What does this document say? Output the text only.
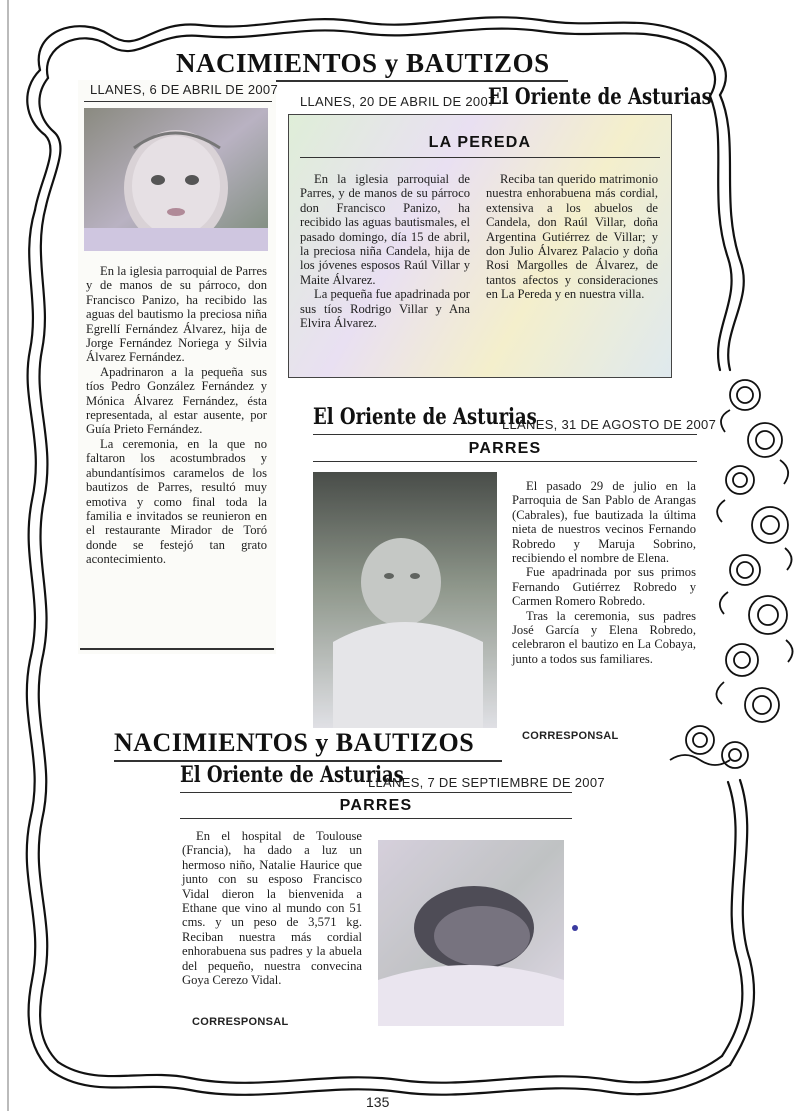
NACIMIENTOS y BAUTIZOS
LLANES, 6 DE ABRIL DE 2007

En la iglesia parroquial de Parres y de manos de su párroco, don Francisco Panizo, ha recibido las aguas del bautismo la preciosa niña Egrellí Fernández Álvarez, hija de Jorge Fernández Noriega y Silvia Álvarez Fernández.

Apadrinaron a la pequeña sus tíos Pedro González Fernández y Mónica Álvarez Fernández, ésta representada, al estar ausente, por Guía Prieto Fernández.

La ceremonia, en la que no faltaron los acostumbrados y abundantísimos caramelos de los bautizos de Parres, resultó muy emotiva y como final toda la familia e invitados se reunieron en el restaurante Mirador de Toró donde se festejó tan grato acontecimiento.

LLANES, 20 DE ABRIL DE 2007
El Oriente de Asturias
LA PEREDA

En la iglesia parroquial de Parres, y de manos de su párroco don Francisco Panizo, ha recibido las aguas bautismales, el pasado domingo, día 15 de abril, la preciosa niña Candela, hija de los jóvenes esposos Raúl Villar y Maite Álvarez.

La pequeña fue apadrinada por sus tíos Rodrigo Villar y Ana Elvira Álvarez.

Reciba tan querido matrimonio nuestra enhorabuena más cordial, extensiva a los abuelos de Candela, don Raúl Villar, doña Argentina Gutiérrez de Villar; y don Julio Álvarez Palacio y doña Rosi Margolles de Álvarez, de tantos afectos y consideraciones en La Pereda y en nuestra villa.

El Oriente de Asturias
LLANES, 31 DE AGOSTO DE 2007
PARRES

El pasado 29 de julio en la Parroquia de San Pablo de Arangas (Cabrales), fue bautizada la última nieta de nuestros vecinos Fernando Robredo y Maruja Sobrino, recibiendo el nombre de Elena.

Fue apadrinada por sus primos Fernando Gutiérrez Robredo y Carmen Romero Robredo.

Tras la ceremonia, sus padres José García y Elena Robredo, celebraron el bautizo en La Cobaya, junto a todos sus familiares.

CORRESPONSAL
NACIMIENTOS y BAUTIZOS
El Oriente de Asturias
LLANES, 7 DE SEPTIEMBRE DE 2007
PARRES

En el hospital de Toulouse (Francia), ha dado a luz un hermoso niño, Natalie Haurice que junto con su esposo Francisco Vidal dieron la bienvenida a Ethane que vino al mundo con 51 cms. y un peso de 3,571 kg. Reciban nuestra más cordial enhorabuena sus padres y la abuela del pequeño, nuestra convecina Goya Cerezo Vidal.

CORRESPONSAL
135
